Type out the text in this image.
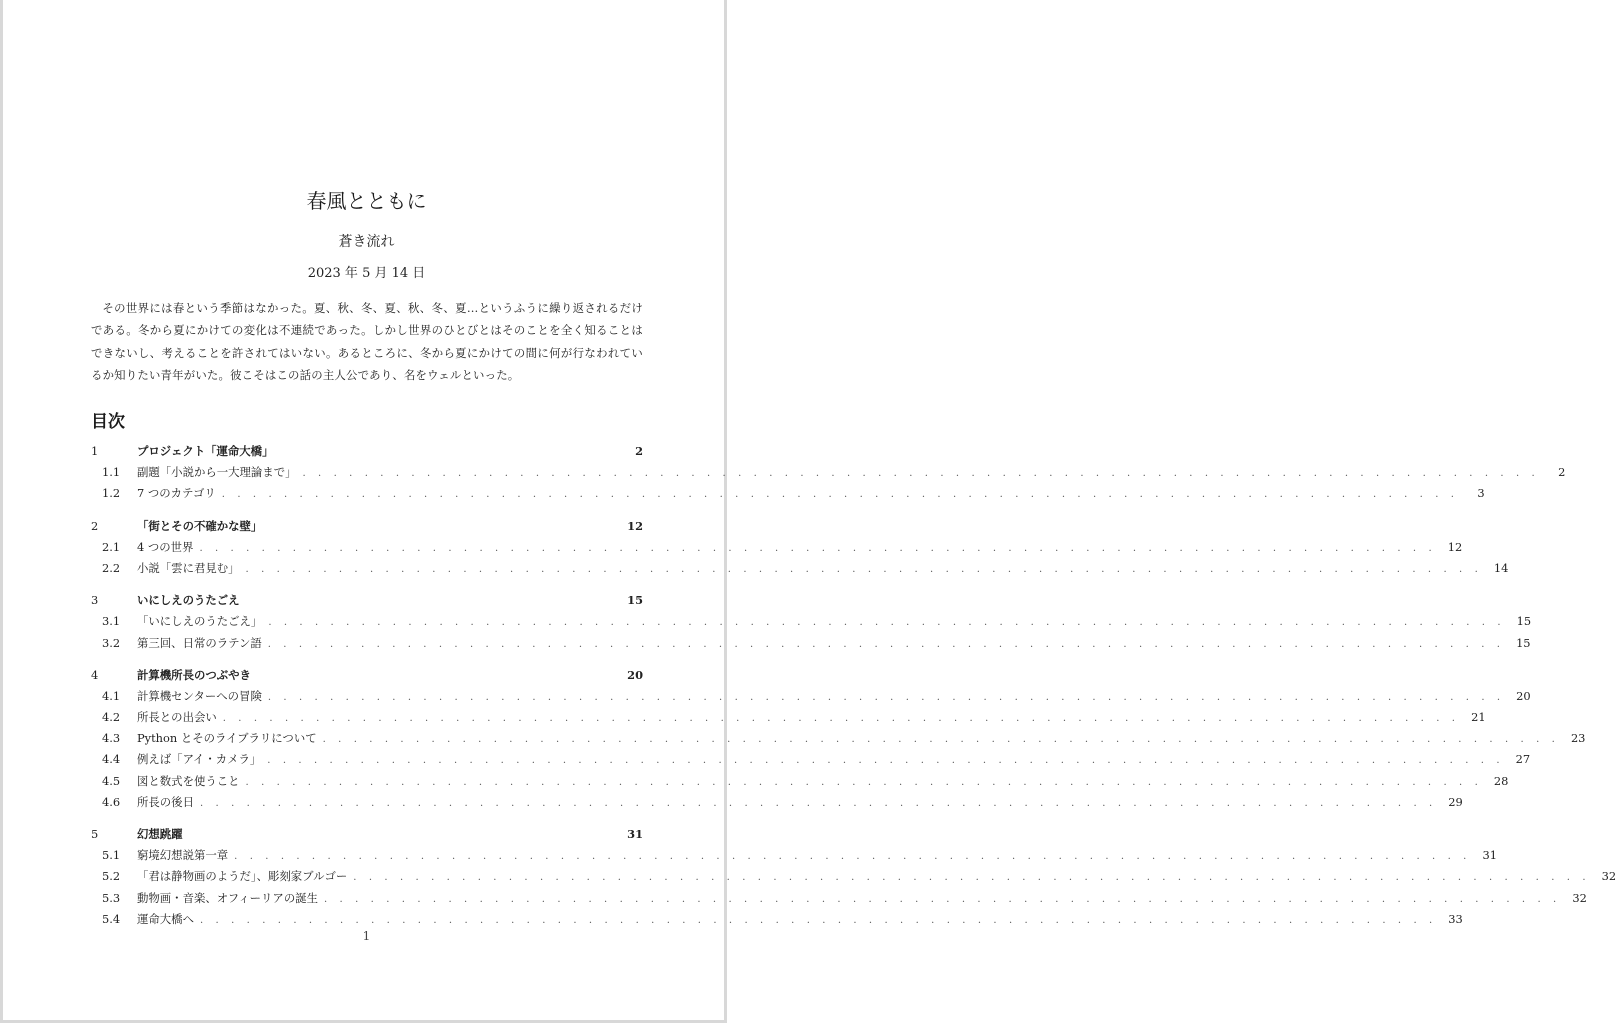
春風とともに
蒼き流れ
2023 年 5 月 14 日
その世界には春という季節はなかった。夏、秋、冬、夏、秋、冬、夏…というふうに繰り返されるだけである。冬から夏にかけての変化は不連続であった。しかし世界のひとびとはそのことを全く知ることはできないし、考えることを許されてはいない。あるところに、冬から夏にかけての間に何が行なわれているか知りたい青年がいた。彼こそはこの話の主人公であり、名をウェルといった。
目次
1	プロジェクト「運命大橋」	2
1.1	副題「小説から一大理論まで」 . . . . . . . . . . . . . . . . . . . . . . . . . . . . . . . . . . . . . . . . . . . . . . . . . . . . . . . . . . . . . . . . . . . . . . . . . . . . . . . .	2
1.2	7 つのカテゴリ . . . . . . . . . . . . . . . . . . . . . . . . . . . . . . . . . . . . . . . . . . . . . . . . . . . . . . . . . . . . . . . . . . . . . . . . . . . . . . . .	3
2	「街とその不確かな壁」	12
2.1	4 つの世界 . . . . . . . . . . . . . . . . . . . . . . . . . . . . . . . . . . . . . . . . . . . . . . . . . . . . . . . . . . . . . . . . . . . . . . . . . . . . . . . .	12
2.2	小説「雲に君見む」 . . . . . . . . . . . . . . . . . . . . . . . . . . . . . . . . . . . . . . . . . . . . . . . . . . . . . . . . . . . . . . . . . . . . . . . . . . . . . . . .	14
3	いにしえのうたごえ	15
3.1	「いにしえのうたごえ」 . . . . . . . . . . . . . . . . . . . . . . . . . . . . . . . . . . . . . . . . . . . . . . . . . . . . . . . . . . . . . . . . . . . . . . . . . . . . . . . .	15
3.2	第三回、日常のラテン語 . . . . . . . . . . . . . . . . . . . . . . . . . . . . . . . . . . . . . . . . . . . . . . . . . . . . . . . . . . . . . . . . . . . . . . . . . . . . . . . .	15
4	計算機所長のつぶやき	20
4.1	計算機センターへの冒険 . . . . . . . . . . . . . . . . . . . . . . . . . . . . . . . . . . . . . . . . . . . . . . . . . . . . . . . . . . . . . . . . . . . . . . . . . . . . . . . .	20
4.2	所長との出会い . . . . . . . . . . . . . . . . . . . . . . . . . . . . . . . . . . . . . . . . . . . . . . . . . . . . . . . . . . . . . . . . . . . . . . . . . . . . . . . .	21
4.3	Python とそのライブラリについて . . . . . . . . . . . . . . . . . . . . . . . . . . . . . . . . . . . . . . . . . . . . . . . . . . . . . . . . . . . . . . . . . . . . . . . . . . . . . . . .	23
4.4	例えば「アイ・カメラ」 . . . . . . . . . . . . . . . . . . . . . . . . . . . . . . . . . . . . . . . . . . . . . . . . . . . . . . . . . . . . . . . . . . . . . . . . . . . . . . . .	27
4.5	図と数式を使うこと . . . . . . . . . . . . . . . . . . . . . . . . . . . . . . . . . . . . . . . . . . . . . . . . . . . . . . . . . . . . . . . . . . . . . . . . . . . . . . . .	28
4.6	所長の後日 . . . . . . . . . . . . . . . . . . . . . . . . . . . . . . . . . . . . . . . . . . . . . . . . . . . . . . . . . . . . . . . . . . . . . . . . . . . . . . . .	29
5	幻想跳躍	31
5.1	窮境幻想説第一章 . . . . . . . . . . . . . . . . . . . . . . . . . . . . . . . . . . . . . . . . . . . . . . . . . . . . . . . . . . . . . . . . . . . . . . . . . . . . . . . .	31
5.2	「君は静物画のようだ」、彫刻家ブルゴー . . . . . . . . . . . . . . . . . . . . . . . . . . . . . . . . . . . . . . . . . . . . . . . . . . . . . . . . . . . . . . . . . . . . . . . . . . . . . . . .	32
5.3	動物画・音楽、オフィーリアの誕生 . . . . . . . . . . . . . . . . . . . . . . . . . . . . . . . . . . . . . . . . . . . . . . . . . . . . . . . . . . . . . . . . . . . . . . . . . . . . . . . .	32
5.4	運命大橋へ . . . . . . . . . . . . . . . . . . . . . . . . . . . . . . . . . . . . . . . . . . . . . . . . . . . . . . . . . . . . . . . . . . . . . . . . . . . . . . . .	33
1
